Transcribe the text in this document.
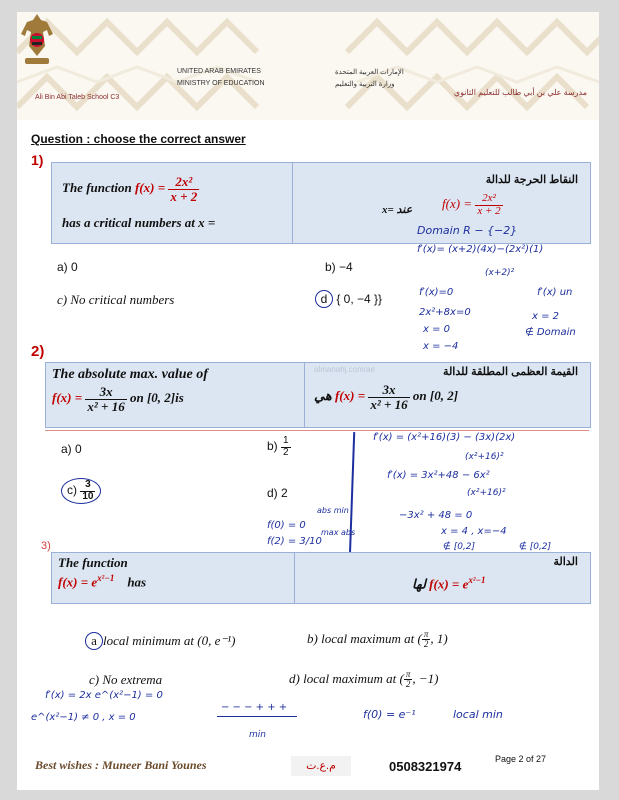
UNITED ARAB EMIRATES
MINISTRY OF EDUCATION
الإمارات العربية المتحدة
وزارة التربية والتعليم
Ali Bin Abi Taleb School C3
مدرسة علي بن أبي طالب للتعليم الثانوي
Question : choose the correct answer
1)
The function $f(x) = \frac{\text{2x²}}{x + 2}$
has a critical numbers at x =
النقاط الحرجة للدالة
x= عند $f(x) = \frac{\text{2x²}}{x + 2}$
Domain R − {−2}
f′(x)= (x+2)(4x)−(2x²)(1)
(x+2)²
f′(x)=0	f′(x) un
2x²+8x=0
x = 0
x = 2
x = −4
∉ Domain
a) 0	b) −4
c) No critical numbers	d { 0, −4 }}
2)
The absolute max. value of
$f(x) = \frac{3x}{\text{x² + 16}}$ on [0, 2]is
القيمة العظمى المطلقة للدالة
هي $f(x) = \frac{3x}{\text{x² + 16}}$ on [0, 2]
almanahj.com/ae
a) 0	$b) \frac{1}{2}$
$c) \frac{3}{10}$	d) 2
f′(x) = (x²+16)(3) − (3x)(2x)
(x²+16)²
f′(x) = 3x²+48 − 6x²
(x²+16)²
−3x² + 48 = 0
x = 4 , x=−4
∉ [0,2]	∉ [0,2]
f(0) = 0
abs min
f(2) = 3/10
max abs
3)
The function
$f(x) = e^{x^2-1}$ has
الدالة
لها $f(x) = e^{x^2-1}$
a local minimum at (0, e⁻¹)	b) local maximum at ( $\frac{\pi}{2}$ , 1)
c) No extrema	d) local maximum at ( $\frac{\pi}{2}$ , −1)
f′(x) = 2x e^(x²−1) = 0
e^(x²−1) ≠ 0 , x = 0
− − − + + +
min
f(0) = e⁻¹	local min
Best wishes : Muneer Bani Younes	م.ع.ت	0508321974	Page 2 of 27
